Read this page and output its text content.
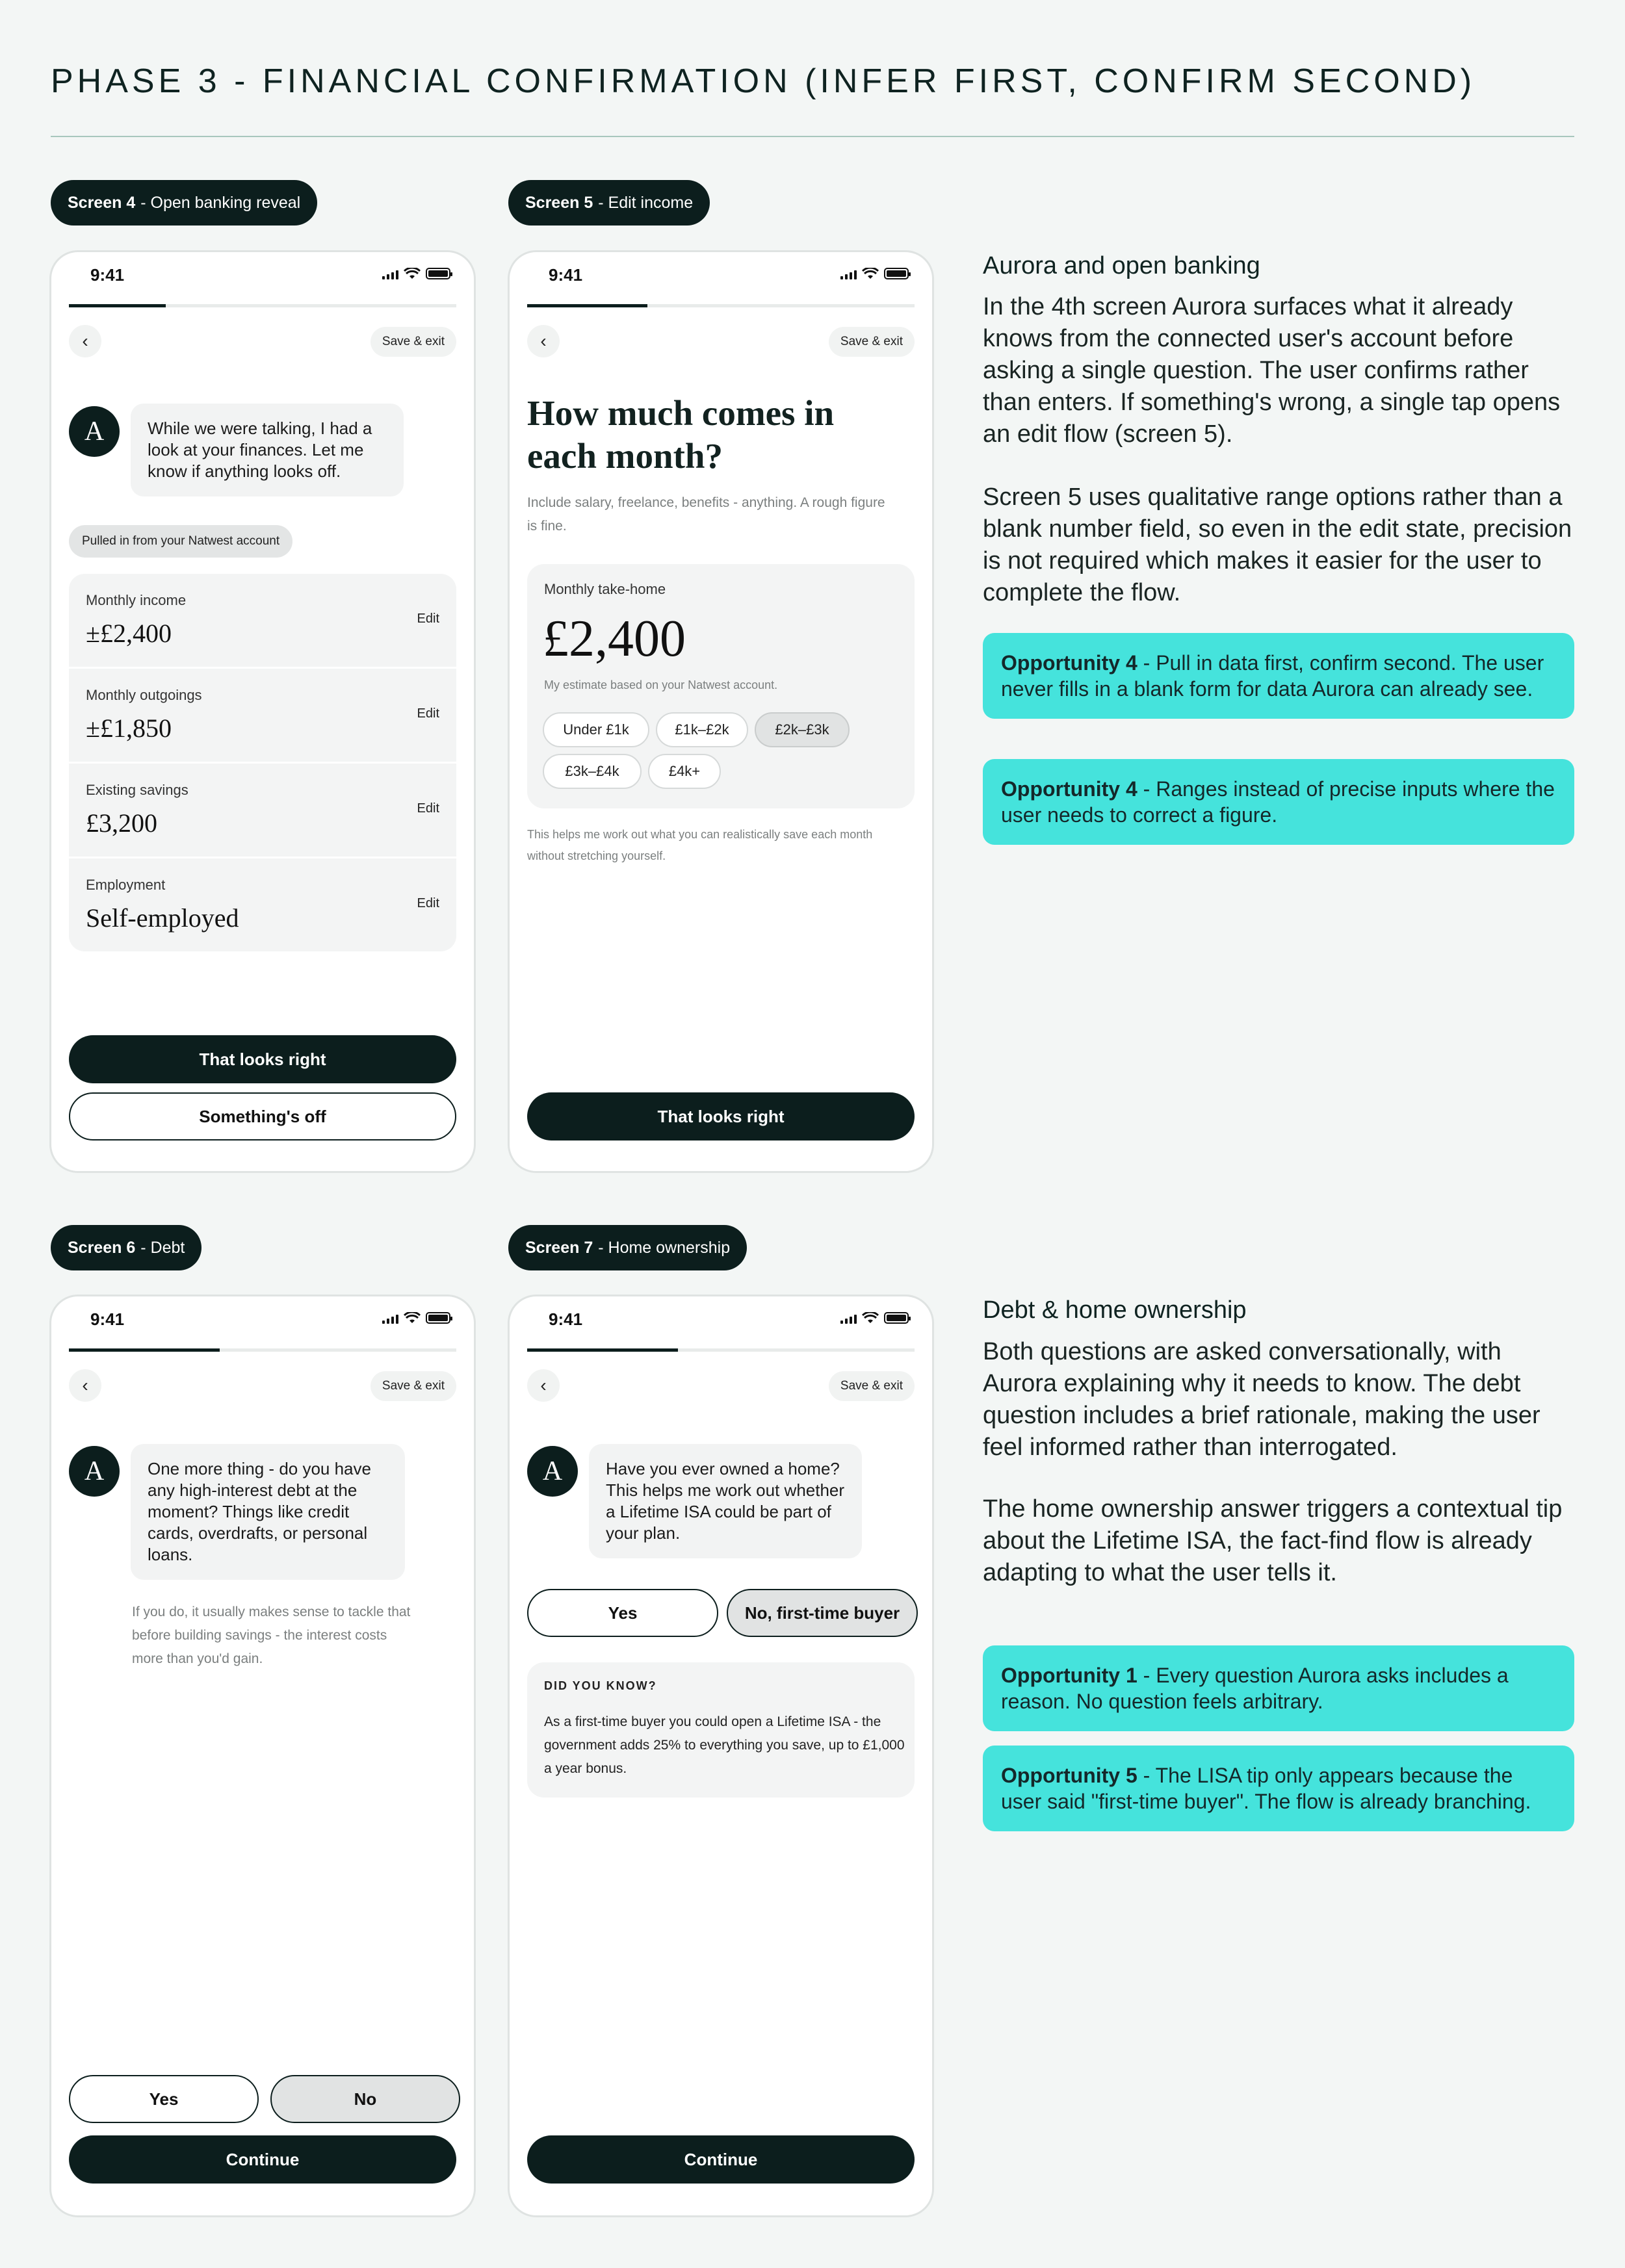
PHASE 3 - FINANCIAL CONFIRMATION (INFER FIRST, CONFIRM SECOND)
Screen 4 - Open banking reveal
9:41
‹	Save & exit
A	While we were talking, I had a look at your finances. Let me know if anything looks off.
Pulled in from your Natwest account
Monthly income
±£2,400	Edit
Monthly outgoings
±£1,850	Edit
Existing savings
£3,200	Edit
Employment
Self-employed	Edit
That looks right
Something's off
Screen 5 - Edit income
9:41
‹	Save & exit
How much comes in each month?
Include salary, freelance, benefits - anything. A rough figure is fine.
Monthly take-home
£2,400
My estimate based on your Natwest account.
Under £1k	£1k–£2k	£2k–£3k
£3k–£4k	£4k+
This helps me work out what you can realistically save each month without stretching yourself.
That looks right
Aurora and open banking
In the 4th screen Aurora surfaces what it already knows from the connected user's account before asking a single question. The user confirms rather than enters. If something's wrong, a single tap opens an edit flow (screen 5).
Screen 5 uses qualitative range options rather than a blank number field, so even in the edit state, precision is not required which makes it easier for the user to complete the flow.
Opportunity 4 - Pull in data first, confirm second. The user never fills in a blank form for data Aurora can already see.
Opportunity 4 - Ranges instead of precise inputs where the user needs to correct a figure.
Screen 6 - Debt
9:41
‹	Save & exit
A	One more thing - do you have any high-interest debt at the moment? Things like credit cards, overdrafts, or personal loans.
If you do, it usually makes sense to tackle that before building savings - the interest costs more than you'd gain.
Yes	No
Continue
Screen 7 - Home ownership
9:41
‹	Save & exit
A	Have you ever owned a home? This helps me work out whether a Lifetime ISA could be part of your plan.
Yes	No, first-time buyer
DID YOU KNOW?
As a first-time buyer you could open a Lifetime ISA - the government adds 25% to everything you save, up to £1,000 a year bonus.
Continue
Debt & home ownership
Both questions are asked conversationally, with Aurora explaining why it needs to know. The debt question includes a brief rationale, making the user feel informed rather than interrogated.
The home ownership answer triggers a contextual tip about the Lifetime ISA, the fact-find flow is already adapting to what the user tells it.
Opportunity 1 - Every question Aurora asks includes a reason. No question feels arbitrary.
Opportunity 5 - The LISA tip only appears because the user said "first-time buyer". The flow is already branching.
